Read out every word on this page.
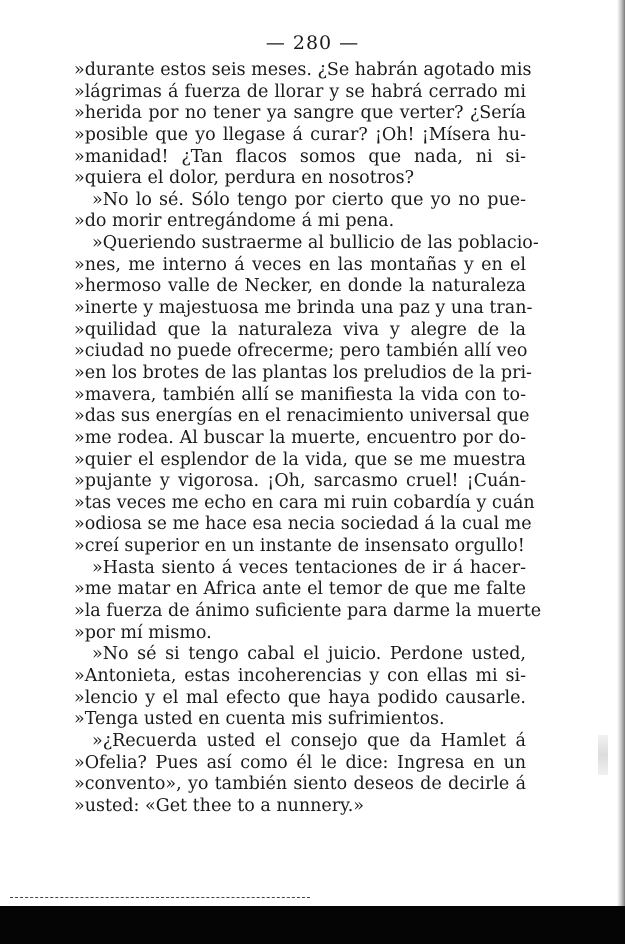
— 280 —
»durante estos seis meses. ¿Se habrán agotado mis
»lágrimas á fuerza de llorar y se habrá cerrado mi
»herida por no tener ya sangre que verter? ¿Sería
»posible que yo llegase á curar? ¡Oh! ¡Mísera hu-
»manidad! ¿Tan flacos somos que nada, ni si-
»quiera el dolor, perdura en nosotros?
»No lo sé. Sólo tengo por cierto que yo no pue-
»do morir entregándome á mi pena.
»Queriendo sustraerme al bullicio de las poblacio-
»nes, me interno á veces en las montañas y en el
»hermoso valle de Necker, en donde la naturaleza
»inerte y majestuosa me brinda una paz y una tran-
»quilidad que la naturaleza viva y alegre de la
»ciudad no puede ofrecerme; pero también allí veo
»en los brotes de las plantas los preludios de la pri-
»mavera, también allí se manifiesta la vida con to-
»das sus energías en el renacimiento universal que
»me rodea. Al buscar la muerte, encuentro por do-
»quier el esplendor de la vida, que se me muestra
»pujante y vigorosa. ¡Oh, sarcasmo cruel! ¡Cuán-
»tas veces me echo en cara mi ruin cobardía y cuán
»odiosa se me hace esa necia sociedad á la cual me
»creí superior en un instante de insensato orgullo!
»Hasta siento á veces tentaciones de ir á hacer-
»me matar en Africa ante el temor de que me falte
»la fuerza de ánimo suficiente para darme la muerte
»por mí mismo.
»No sé si tengo cabal el juicio. Perdone usted,
»Antonieta, estas incoherencias y con ellas mi si-
»lencio y el mal efecto que haya podido causarle.
»Tenga usted en cuenta mis sufrimientos.
»¿Recuerda usted el consejo que da Hamlet á
»Ofelia? Pues así como él le dice: Ingresa en un
»convento», yo también siento deseos de decirle á
»usted: «Get thee to a nunnery.»
